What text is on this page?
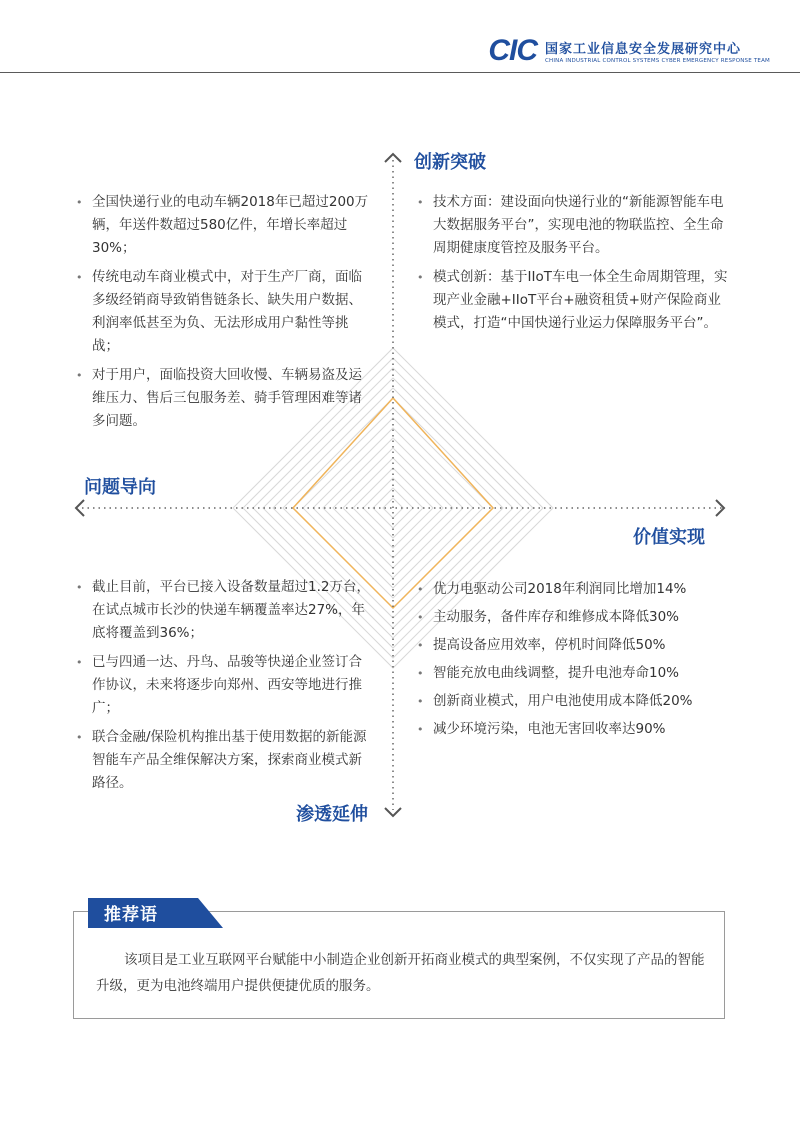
CIC 国家工业信息安全发展研究中心
CHINA INDUSTRIAL CONTROL SYSTEMS CYBER EMERGENCY RESPONSE TEAM
创新突破
问题导向
价值实现
渗透延伸
• 全国快递行业的电动车辆2018年已超过200万辆，年送件数超过580亿件，年增长率超过30%；
• 传统电动车商业模式中，对于生产厂商，面临多级经销商导致销售链条长、缺失用户数据、利润率低甚至为负、无法形成用户黏性等挑战；
• 对于用户，面临投资大回收慢、车辆易盗及运维压力、售后三包服务差、骑手管理困难等诸多问题。
• 技术方面：建设面向快递行业的“新能源智能车电大数据服务平台”，实现电池的物联监控、全生命周期健康度管控及服务平台。
• 模式创新：基于IIoT车电一体全生命周期管理，实现产业金融+IIoT平台+融资租赁+财产保险商业模式，打造“中国快递行业运力保障服务平台”。
• 截止目前，平台已接入设备数量超过1.2万台，在试点城市长沙的快递车辆覆盖率达27%，年底将覆盖到36%；
• 已与四通一达、丹鸟、品骏等快递企业签订合作协议，未来将逐步向郑州、西安等地进行推广；
• 联合金融/保险机构推出基于使用数据的新能源智能车产品全维保解决方案，探索商业模式新路径。
• 优力电驱动公司2018年利润同比增加14%
• 主动服务，备件库存和维修成本降低30%
• 提高设备应用效率，停机时间降低50%
• 智能充放电曲线调整，提升电池寿命10%
• 创新商业模式，用户电池使用成本降低20%
• 减少环境污染，电池无害回收率达90%
推荐语

该项目是工业互联网平台赋能中小制造企业创新开拓商业模式的典型案例，不仅实现了产品的智能升级，更为电池终端用户提供便捷优质的服务。
